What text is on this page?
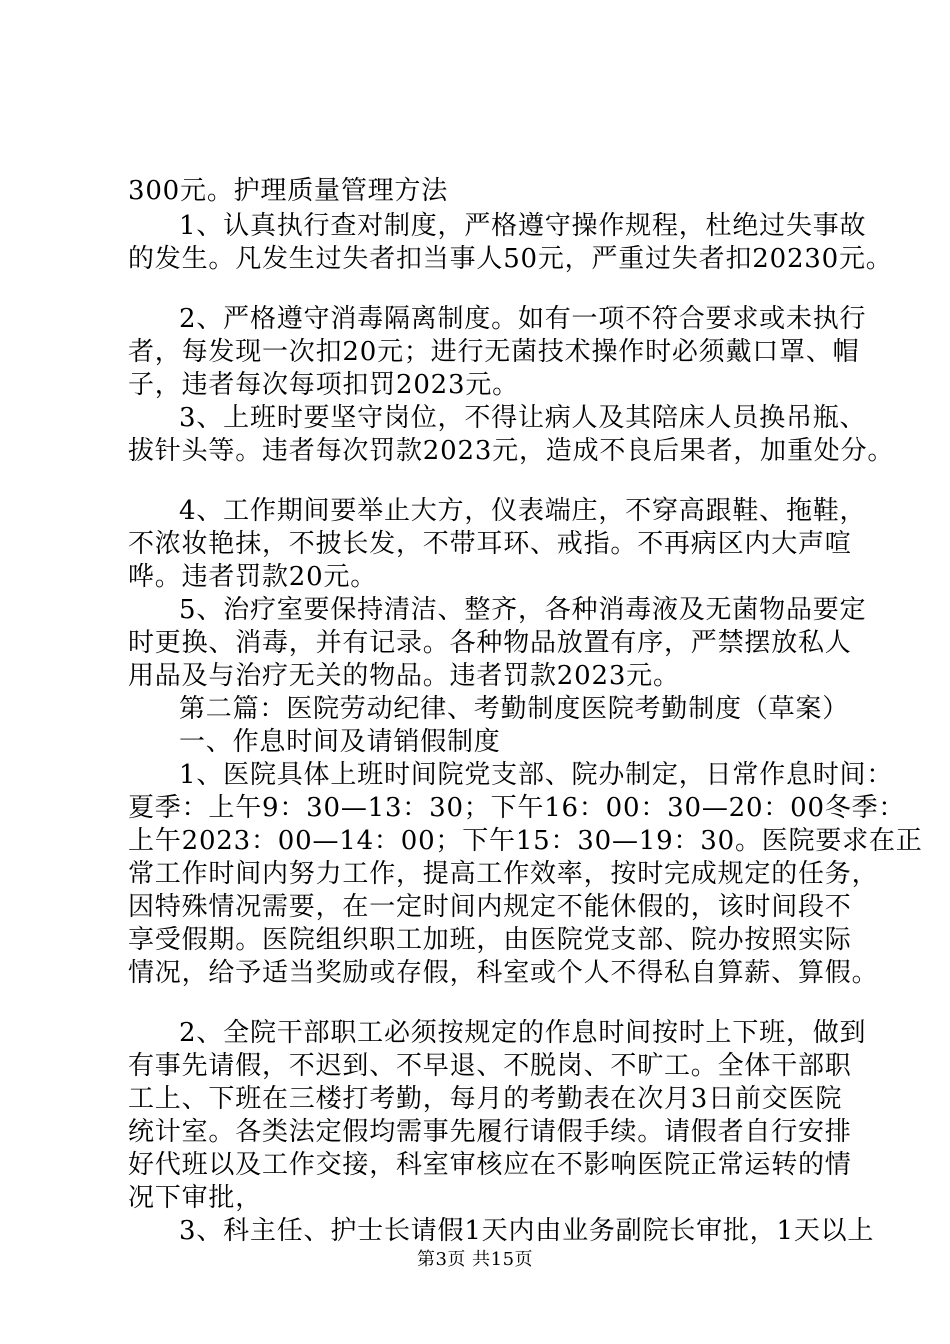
300元。护理质量管理方法
1、认真执行查对制度，严格遵守操作规程，杜绝过失事故
的发生。凡发生过失者扣当事人50元，严重过失者扣20230元。
2、严格遵守消毒隔离制度。如有一项不符合要求或未执行
者，每发现一次扣20元；进行无菌技术操作时必须戴口罩、帽
子，违者每次每项扣罚2023元。
3、上班时要坚守岗位，不得让病人及其陪床人员换吊瓶、
拔针头等。违者每次罚款2023元，造成不良后果者，加重处分。
4、工作期间要举止大方，仪表端庄，不穿高跟鞋、拖鞋，
不浓妆艳抹，不披长发，不带耳环、戒指。不再病区内大声喧
哗。违者罚款20元。
5、治疗室要保持清洁、整齐，各种消毒液及无菌物品要定
时更换、消毒，并有记录。各种物品放置有序，严禁摆放私人
用品及与治疗无关的物品。违者罚款2023元。
第二篇：医院劳动纪律、考勤制度医院考勤制度（草案）
一、作息时间及请销假制度
1、医院具体上班时间院党支部、院办制定，日常作息时间：
夏季：上午9：30—13：30；下午16：00：30—20：00冬季：
上午2023：00—14：00；下午15：30—19：30。医院要求在正
常工作时间内努力工作，提高工作效率，按时完成规定的任务，
因特殊情况需要，在一定时间内规定不能休假的，该时间段不
享受假期。医院组织职工加班，由医院党支部、院办按照实际
情况，给予适当奖励或存假，科室或个人不得私自算薪、算假。
2、全院干部职工必须按规定的作息时间按时上下班，做到
有事先请假，不迟到、不早退、不脱岗、不旷工。全体干部职
工上、下班在三楼打考勤，每月的考勤表在次月3日前交医院
统计室。各类法定假均需事先履行请假手续。请假者自行安排
好代班以及工作交接，科室审核应在不影响医院正常运转的情
况下审批，
3、科主任、护士长请假1天内由业务副院长审批，1天以上
第3页 共15页
